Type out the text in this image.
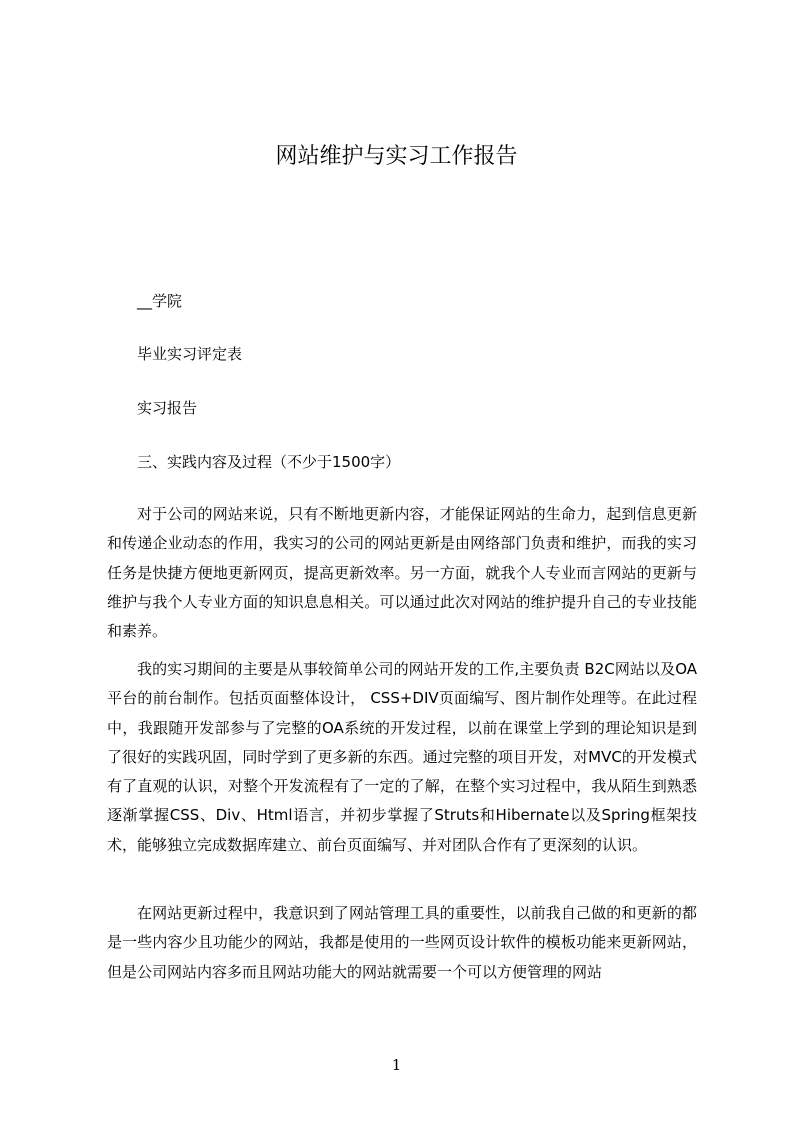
网站维护与实习工作报告
__学院
毕业实习评定表
实习报告
三、实践内容及过程（不少于1500字）

对于公司的网站来说，只有不断地更新内容，才能保证网站的生命力，起到信息更新和传递企业动态的作用，我实习的公司的网站更新是由网络部门负责和维护，而我的实习任务是快捷方便地更新网页，提高更新效率。另一方面，就我个人专业而言网站的更新与维护与我个人专业方面的知识息息相关。可以通过此次对网站的维护提升自己的专业技能和素养。

我的实习期间的主要是从事较简单公司的网站开发的工作,主要负责 B2C网站以及OA平台的前台制作。包括页面整体设计， CSS+DIV页面编写、图片制作处理等。在此过程中，我跟随开发部参与了完整的OA系统的开发过程，以前在课堂上学到的理论知识是到了很好的实践巩固，同时学到了更多新的东西。通过完整的项目开发，对MVC的开发模式有了直观的认识，对整个开发流程有了一定的了解，在整个实习过程中，我从陌生到熟悉逐渐掌握CSS、Div、Html语言，并初步掌握了Struts和Hibernate以及Spring框架技术，能够独立完成数据库建立、前台页面编写、并对团队合作有了更深刻的认识。

在网站更新过程中，我意识到了网站管理工具的重要性，以前我自己做的和更新的都是一些内容少且功能少的网站，我都是使用的一些网页设计软件的模板功能来更新网站，但是公司网站内容多而且网站功能大的网站就需要一个可以方便管理的网站

1
